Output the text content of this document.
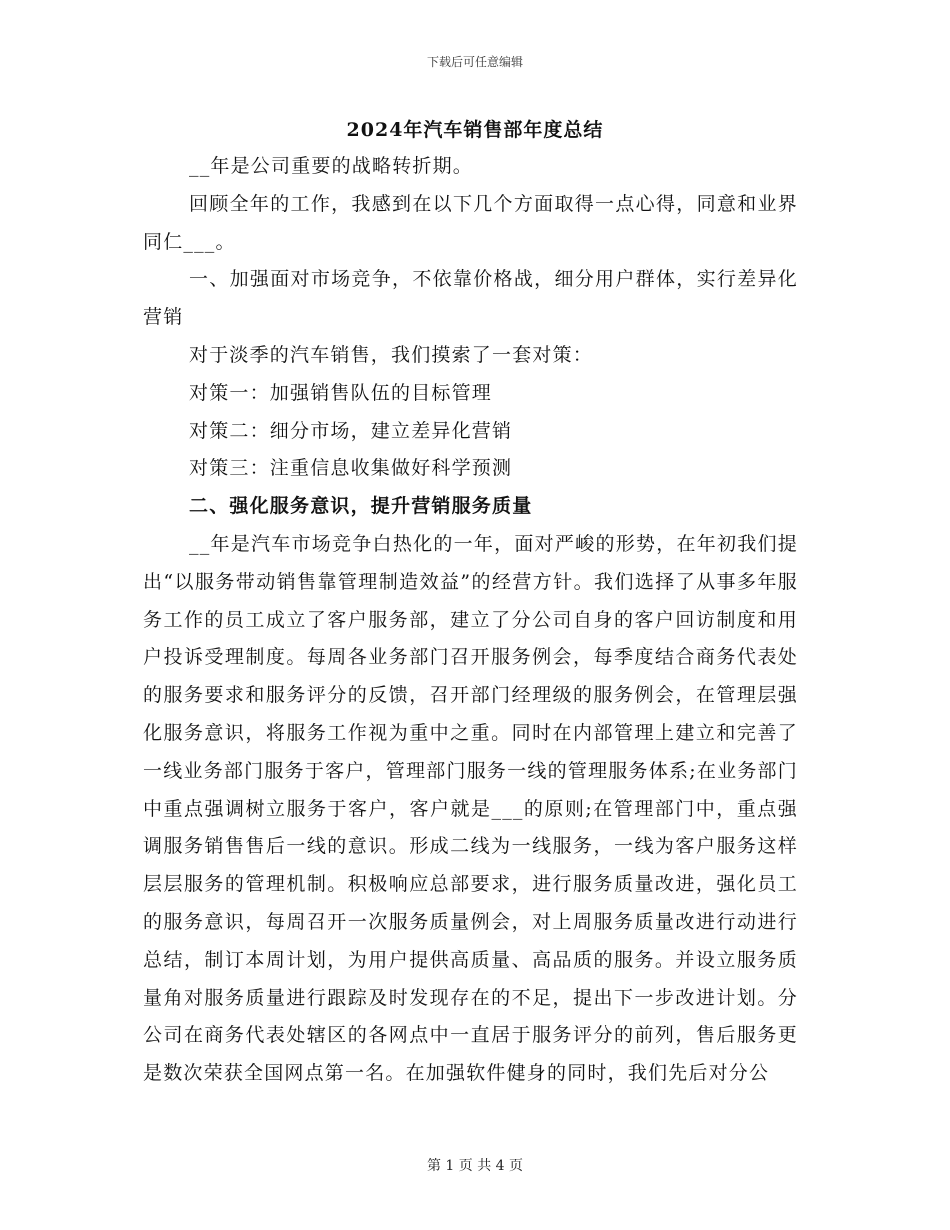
下载后可任意编辑
2024年汽车销售部年度总结

__年是公司重要的战略转折期。

回顾全年的工作，我感到在以下几个方面取得一点心得，同意和业界同仁___。

一、加强面对市场竞争，不依靠价格战，细分用户群体，实行差异化营销

对于淡季的汽车销售，我们摸索了一套对策：

对策一：加强销售队伍的目标管理

对策二：细分市场，建立差异化营销

对策三：注重信息收集做好科学预测

二、强化服务意识，提升营销服务质量

__年是汽车市场竞争白热化的一年，面对严峻的形势，在年初我们提出“以服务带动销售靠管理制造效益”的经营方针。我们选择了从事多年服务工作的员工成立了客户服务部，建立了分公司自身的客户回访制度和用户投诉受理制度。每周各业务部门召开服务例会，每季度结合商务代表处的服务要求和服务评分的反馈，召开部门经理级的服务例会，在管理层强化服务意识，将服务工作视为重中之重。同时在内部管理上建立和完善了一线业务部门服务于客户，管理部门服务一线的管理服务体系;在业务部门中重点强调树立服务于客户，客户就是___的原则;在管理部门中，重点强调服务销售售后一线的意识。形成二线为一线服务，一线为客户服务这样层层服务的管理机制。积极响应总部要求，进行服务质量改进，强化员工的服务意识，每周召开一次服务质量例会，对上周服务质量改进行动进行总结，制订本周计划，为用户提供高质量、高品质的服务。并设立服务质量角对服务质量进行跟踪及时发现存在的不足，提出下一步改进计划。分公司在商务代表处辖区的各网点中一直居于服务评分的前列，售后服务更是数次荣获全国网点第一名。在加强软件健身的同时，我们先后对分公

第 1 页 共 4 页
